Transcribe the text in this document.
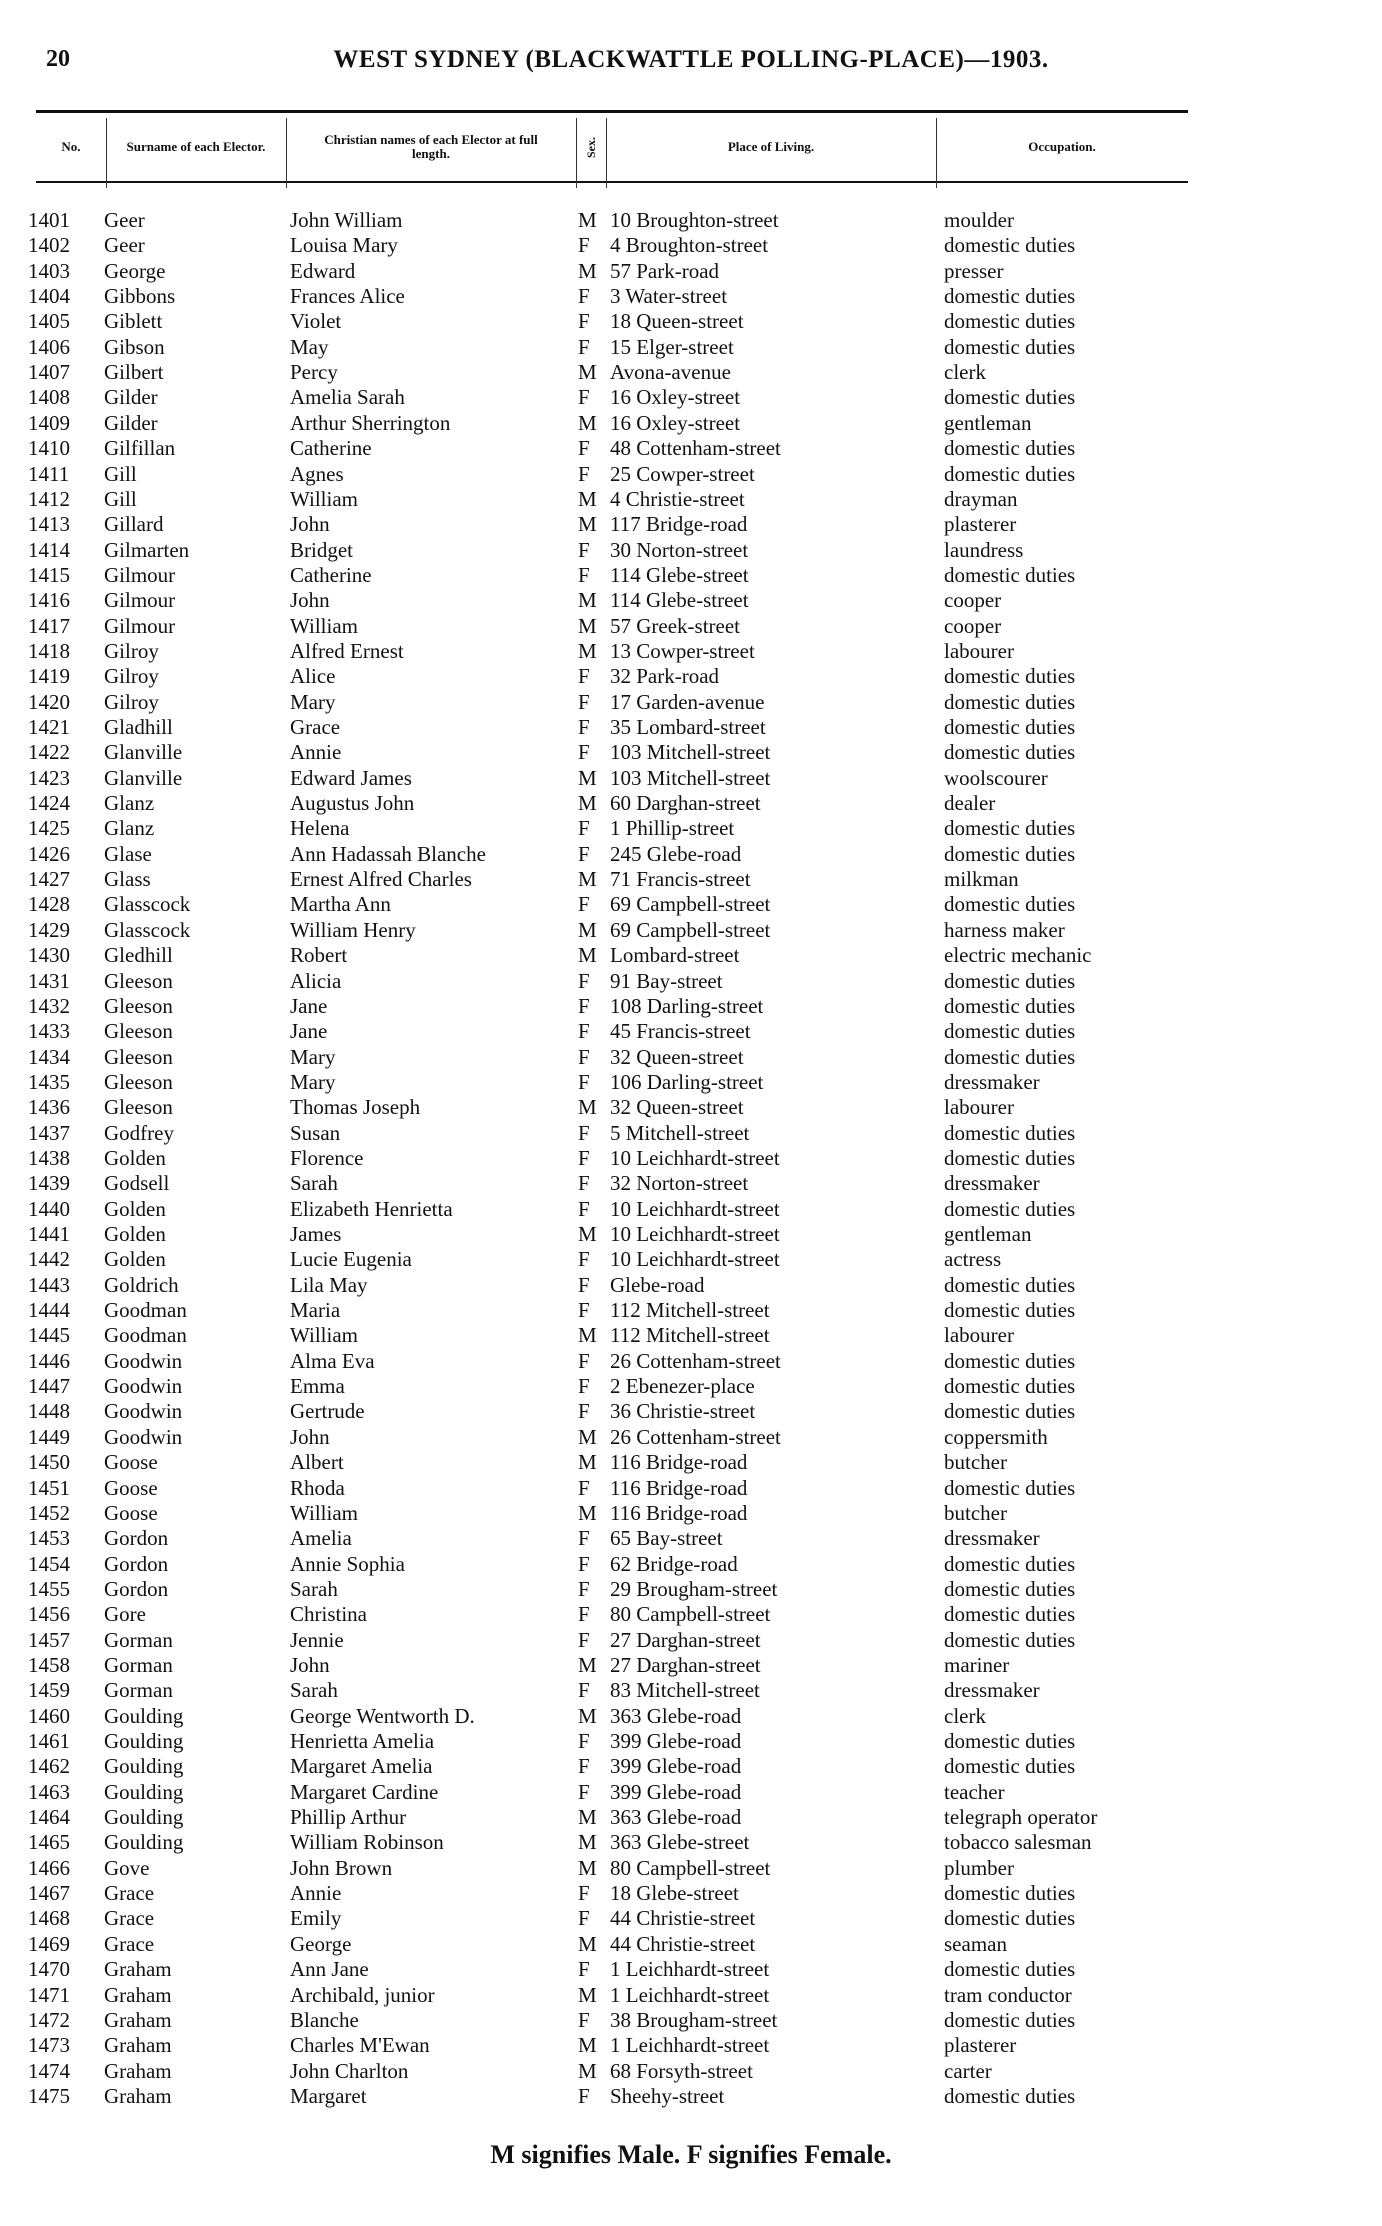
20	WEST SYDNEY (BLACKWATTLE POLLING-PLACE)—1903.
No.	Surname of each Elector.	Christian names of each Elector at full length.	Sex.	Place of Living.	Occupation.
1401 Geer	John William	M 10 Broughton-street	moulder
1402 Geer	Louisa Mary	F 4 Broughton-street	domestic duties
1403 George	Edward	M 57 Park-road	presser
1404 Gibbons	Frances Alice	F 3 Water-street	domestic duties
1405 Giblett	Violet	F 18 Queen-street	domestic duties
1406 Gibson	May	F 15 Elger-street	domestic duties
1407 Gilbert	Percy	M Avona-avenue	clerk
1408 Gilder	Amelia Sarah	F 16 Oxley-street	domestic duties
1409 Gilder	Arthur Sherrington	M 16 Oxley-street	gentleman
1410 Gilfillan	Catherine	F 48 Cottenham-street	domestic duties
1411 Gill	Agnes	F 25 Cowper-street	domestic duties
1412 Gill	William	M 4 Christie-street	drayman
1413 Gillard	John	M 117 Bridge-road	plasterer
1414 Gilmarten	Bridget	F 30 Norton-street	laundress
1415 Gilmour	Catherine	F 114 Glebe-street	domestic duties
1416 Gilmour	John	M 114 Glebe-street	cooper
1417 Gilmour	William	M 57 Greek-street	cooper
1418 Gilroy	Alfred Ernest	M 13 Cowper-street	labourer
1419 Gilroy	Alice	F 32 Park-road	domestic duties
1420 Gilroy	Mary	F 17 Garden-avenue	domestic duties
1421 Gladhill	Grace	F 35 Lombard-street	domestic duties
1422 Glanville	Annie	F 103 Mitchell-street	domestic duties
1423 Glanville	Edward James	M 103 Mitchell-street	woolscourer
1424 Glanz	Augustus John	M 60 Darghan-street	dealer
1425 Glanz	Helena	F 1 Phillip-street	domestic duties
1426 Glase	Ann Hadassah Blanche	F 245 Glebe-road	domestic duties
1427 Glass	Ernest Alfred Charles	M 71 Francis-street	milkman
1428 Glasscock	Martha Ann	F 69 Campbell-street	domestic duties
1429 Glasscock	William Henry	M 69 Campbell-street	harness maker
1430 Gledhill	Robert	M Lombard-street	electric mechanic
1431 Gleeson	Alicia	F 91 Bay-street	domestic duties
1432 Gleeson	Jane	F 108 Darling-street	domestic duties
1433 Gleeson	Jane	F 45 Francis-street	domestic duties
1434 Gleeson	Mary	F 32 Queen-street	domestic duties
1435 Gleeson	Mary	F 106 Darling-street	dressmaker
1436 Gleeson	Thomas Joseph	M 32 Queen-street	labourer
1437 Godfrey	Susan	F 5 Mitchell-street	domestic duties
1438 Golden	Florence	F 10 Leichhardt-street	domestic duties
1439 Godsell	Sarah	F 32 Norton-street	dressmaker
1440 Golden	Elizabeth Henrietta	F 10 Leichhardt-street	domestic duties
1441 Golden	James	M 10 Leichhardt-street	gentleman
1442 Golden	Lucie Eugenia	F 10 Leichhardt-street	actress
1443 Goldrich	Lila May	F Glebe-road	domestic duties
1444 Goodman	Maria	F 112 Mitchell-street	domestic duties
1445 Goodman	William	M 112 Mitchell-street	labourer
1446 Goodwin	Alma Eva	F 26 Cottenham-street	domestic duties
1447 Goodwin	Emma	F 2 Ebenezer-place	domestic duties
1448 Goodwin	Gertrude	F 36 Christie-street	domestic duties
1449 Goodwin	John	M 26 Cottenham-street	coppersmith
1450 Goose	Albert	M 116 Bridge-road	butcher
1451 Goose	Rhoda	F 116 Bridge-road	domestic duties
1452 Goose	William	M 116 Bridge-road	butcher
1453 Gordon	Amelia	F 65 Bay-street	dressmaker
1454 Gordon	Annie Sophia	F 62 Bridge-road	domestic duties
1455 Gordon	Sarah	F 29 Brougham-street	domestic duties
1456 Gore	Christina	F 80 Campbell-street	domestic duties
1457 Gorman	Jennie	F 27 Darghan-street	domestic duties
1458 Gorman	John	M 27 Darghan-street	mariner
1459 Gorman	Sarah	F 83 Mitchell-street	dressmaker
1460 Goulding	George Wentworth D.	M 363 Glebe-road	clerk
1461 Goulding	Henrietta Amelia	F 399 Glebe-road	domestic duties
1462 Goulding	Margaret Amelia	F 399 Glebe-road	domestic duties
1463 Goulding	Margaret Cardine	F 399 Glebe-road	teacher
1464 Goulding	Phillip Arthur	M 363 Glebe-road	telegraph operator
1465 Goulding	William Robinson	M 363 Glebe-street	tobacco salesman
1466 Gove	John Brown	M 80 Campbell-street	plumber
1467 Grace	Annie	F 18 Glebe-street	domestic duties
1468 Grace	Emily	F 44 Christie-street	domestic duties
1469 Grace	George	M 44 Christie-street	seaman
1470 Graham	Ann Jane	F 1 Leichhardt-street	domestic duties
1471 Graham	Archibald, junior	M 1 Leichhardt-street	tram conductor
1472 Graham	Blanche	F 38 Brougham-street	domestic duties
1473 Graham	Charles M'Ewan	M 1 Leichhardt-street	plasterer
1474 Graham	John Charlton	M 68 Forsyth-street	carter
1475 Graham	Margaret	F Sheehy-street	domestic duties
M signifies Male. F signifies Female.
